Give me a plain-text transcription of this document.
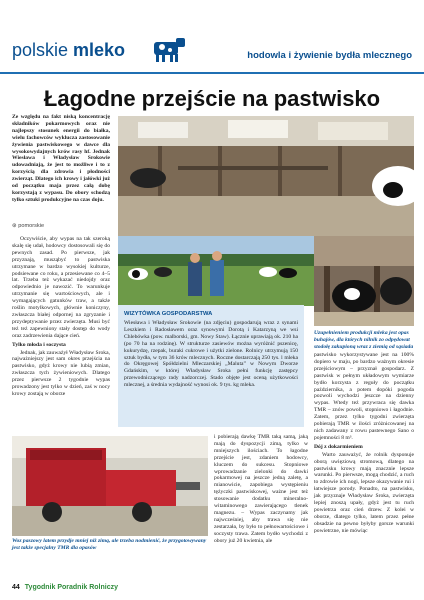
polskie mleko	hodowla i żywienie bydła mlecznego
Łagodne przejście na pastwisko

Ze względu na fakt niską koncentrację składników pokarmowych oraz nie najlepszy stosunek energii do białka, wielu fachowców wykluczа zastosowanie żywienia pastwiskowego w dawce dla wysokowydajnych krów rasy hf. Jednak Wiesława i Władysław Srokowie udowadniają, że jest to możliwe i to z korzyścią dla zdrowia i płodności zwierząt. Dlatego ich krowy i jałówki już od początku maja przez całą dobę korzystają z wypasu. Do obory schodzą tylko sztuki produkcyjne na czas doju.

⊛ pomorskie
Uzupełnieniem produkcji mleka jest opas buhajów, dla których nilnik zo odpędowat stodołę zakupioną wraz z ziemią od sąsiada

Oczywiście, aby wypas na tak szeroką skalę się udał, hodowcy dostosowali się do pewnych zasad. Po pierwsze, jak przyznają, musząbyć to pastwiska utrzymane w bardzo wysokiej kulturze, podsiewane co roku, a przesiewane co 4–5 lat. Trzeba też wykazać niedojdy oraz odpowiednio je nawozić. To warunkuje utrzymanie się wartościowych, ale i wymagających gatunków traw, a także roślin motylkowych, głównie koniczyny, zwłaszcza białej odpornej na zgryzanie i przydeptywanie przez zwierzęta. Musi być też też zapewniony stały dostęp do wody oraz zadrzewienia dające cień.

Tylko młoda i soczysta

Jednak, jak zauważył Władysław Sroka, najważniejszy jest sam okres przejścia na pastwisko, gdyż krowy nie lubią zmian, zwłaszcza tych żywieniowych. Dlatego przez pierwsze 2 tygodnie wypas prowadzony jest tylko w dzień, zaś w nocy krowy zostają w oborze

WIZYTÓWKA GOSPODARSTWA
Wiesława i Władysław Srokowie (na zdjęciu) gospodarują wraz z synami Leszkiem i Radosławem oraz synowymi Dorotą i Katarzyną we wsi Chlebówka (pow. malborski, gm. Nowy Staw). Łącznie uprawiają ok. 210 ha (po 70 ha na rodzinę). W strukturze zasiewów można wyróżnić pszenicę, kukurydzę, rzepak, buraki cukrowe i użytki zielone. Rolnicy utrzymują 150 sztuk bydła, w tym 36 krów mlecznych. Roczne dostarczają 250 tys. l mleka do Okręgowej Spółdzielni Mleczarskiej „Maluta” w Nowym Dworze Gdańskim, w której Władysław Sroka pełni funkcję zastępcy przewodniczącego rady nadzorczej. Stado objęte jest oceną użytkowości mlecznej, a średnia wydajność wynosi ok. 9 tys. kg mleka.

pastwisko wykorzystywane jest na 100% dopiero w maju, po bardzo ważnym okresie przejściowym – przyznał gospodarz. Z pastwisk w pełnym układowym wymiarze bydło korzysta z reguły do początku października, a potem dopóki pogoda pozwoli wychodzi jeszcze na dzienny wypas. Wtedy też przywraca się dawka TMR – znów powoli, stopniowo i łagodnie. Zatem, przez tylko tygodni zwierzęta pobierają TMR w ilości zróżnicowanej na nich zadawany z rowu pastewnego Sano o pojemności 8 m³.

Dój z dokarmieniem

Warto zauważyć, że rolnik dysponuje oborą uwięziową stromową, dlatego na pastwisku krowy mają znacznie lepsze warunki. Po pierwsze, mogą chodzić, a ruch to zdrowie ich nogi, lepsze okazywanie rui i łatwiejsze porody. Ponadto, na pastwisku, jak przyznaje Władysław Sroka, zwierzęta lepiej znoszą upały, gdyż jest tu ruch powietrza oraz cień drzew. Z kolei w oborze, dlatego tylko, latem przez pełne obsadzie na pewno byłyby gorsze warunki powietrzne, nie mówiąc

Woz paszowy latem przydje mniej niż zimą, ale trzeba nodmienić, że przygotowywany jest także specjalny TMR dla opasów

i pobierają dawkę TMR taką samą, jaką mają do dyspozycji zimą, tylko w mniejszych ilościach. To łagodne przejście jest, zdaniem hodowcy, kluczem do sukcesu. Stopniowe wprowadzanie zielonki do dawki pokarmowej na jeszcze jedną zaletę, a mianowicie, zapobiega występieniu tężyczki pastwiskowej, ważne jest też stosowanie dodatku mineralno-witaminowego zawierającego tlenek magnezu. – Wypas zaczynamy jak najwcześniej, aby trawa się nie zestarzała, by było to pełnowartościowe i soczysty trawa. Zatem bydło wychodzi z obory już 20 kwietnia, ale

44 Tygodnik Poradnik Rolniczy
